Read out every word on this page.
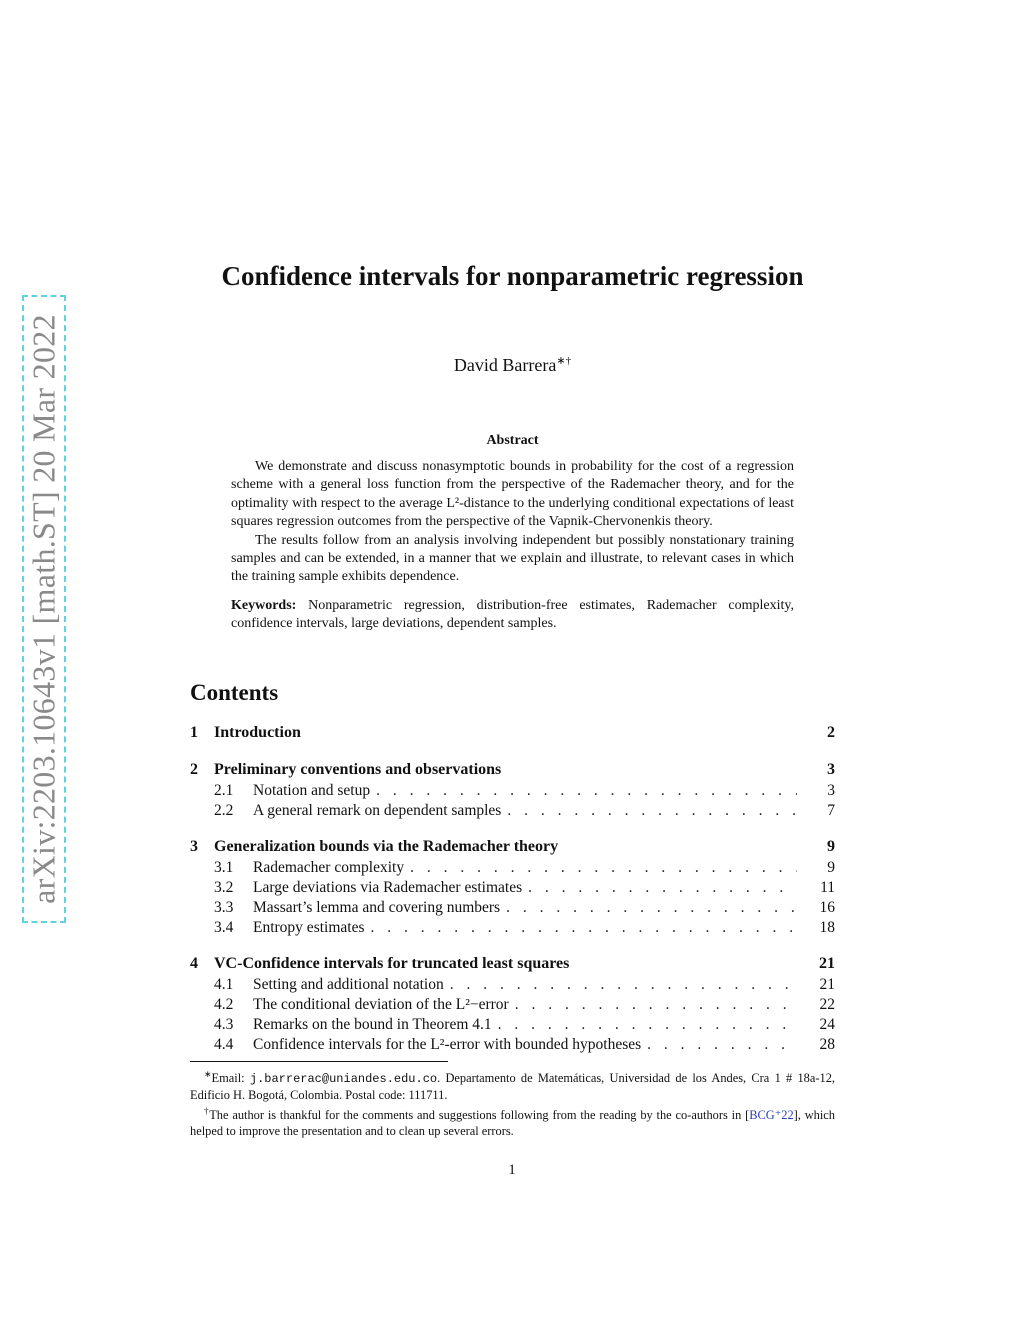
arXiv:2203.10643v1 [math.ST] 20 Mar 2022
Confidence intervals for nonparametric regression
David Barrera∗†
Abstract

We demonstrate and discuss nonasymptotic bounds in probability for the cost of a regression scheme with a general loss function from the perspective of the Rademacher theory, and for the optimality with respect to the average L²-distance to the underlying conditional expectations of least squares regression outcomes from the perspective of the Vapnik-Chervonenkis theory.

The results follow from an analysis involving independent but possibly nonstationary training samples and can be extended, in a manner that we explain and illustrate, to relevant cases in which the training sample exhibits dependence.

Keywords: Nonparametric regression, distribution-free estimates, Rademacher complexity, confidence intervals, large deviations, dependent samples.

Contents
1	Introduction	2
2	Preliminary conventions and observations	3
2.1	Notation and setup . . .	3
2.2	A general remark on dependent samples . . .	7
3	Generalization bounds via the Rademacher theory	9
3.1	Rademacher complexity . . .	9
3.2	Large deviations via Rademacher estimates . . .	11
3.3	Massart’s lemma and covering numbers . . .	16
3.4	Entropy estimates . . .	18
4	VC-Confidence intervals for truncated least squares	21
4.1	Setting and additional notation . . .	21
4.2	The conditional deviation of the L²−error . . .	22
4.3	Remarks on the bound in Theorem 4.1 . . .	24
4.4	Confidence intervals for the L²-error with bounded hypotheses . . .	28

∗Email: j.barrerac@uniandes.edu.co. Departamento de Matemáticas, Universidad de los Andes, Cra 1 # 18a-12, Edificio H. Bogotá, Colombia. Postal code: 111711.

†The author is thankful for the comments and suggestions following from the reading by the co-authors in [BCG⁺22], which helped to improve the presentation and to clean up several errors.

1
